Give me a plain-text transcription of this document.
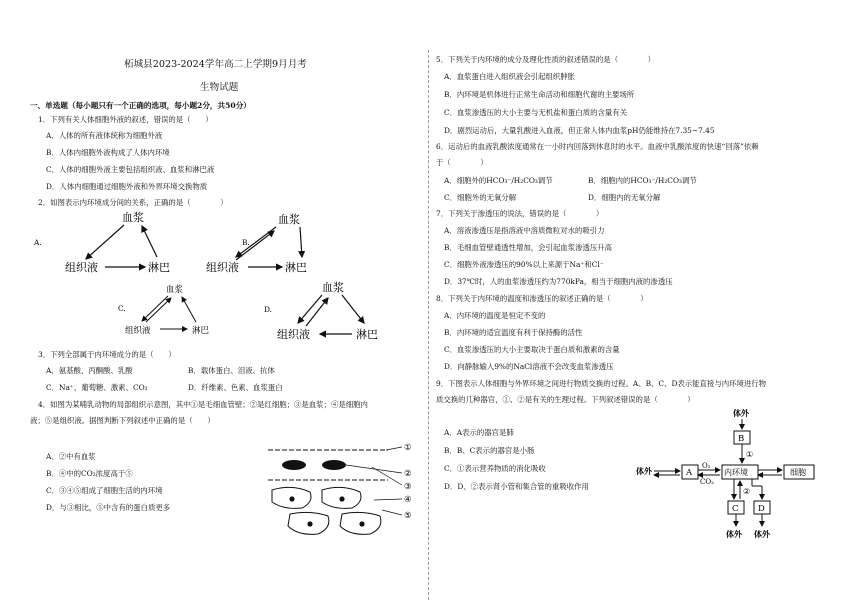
柘城县2023-2024学年高二上学期9月月考
生物试题
一、单选题（每小题只有一个正确的选项，每小题2分，共50分）
1．下列有关人体细胞外液的叙述，错误的是（　　）
A．人体的所有液体统称为细胞外液
B．人体内细胞外液构成了人体内环境
C．人体的细胞外液主要包括组织液、血浆和淋巴液
D．人体内细胞通过细胞外液和外界环境交换物质
2．如图表示内环境成分间的关系，正确的是（　　　　）
A.
血浆
组织液	淋巴
B.
血浆
组织液	淋巴
C.
血浆
组织液	淋巴
D.
血浆
组织液	淋巴
3．下列全部属于内环境成分的是（　　）
A．氨基酸、丙酮酸、乳酸	B．载体蛋白、泪液、抗体
C．Na⁺、葡萄糖、激素、CO₂	D．纤维素、色素、血浆蛋白
4．如图为某哺乳动物的局部组织示意图，其中①是毛细血管壁；②是红细胞；③是血浆；④是细胞内
液；⑤是组织液。据图判断下列叙述中正确的是（　　）
A．②中有血浆
B．④中的CO₂浓度高于⑤
C．③④⑤组成了细胞生活的内环境
D．与③相比，⑤中含有的蛋白质更多
①
②
③
④
⑤
5．下列关于内环境的成分及理化性质的叙述错误的是（　　　　）
A．血浆蛋白进入组织液会引起组织肿胀
B．内环境是机体进行正常生命活动和细胞代谢的主要场所
C．血浆渗透压的大小主要与无机盐和蛋白质的含量有关
D．剧烈运动后，大量乳酸进入血液，但正常人体内血浆pH仍能维持在7.35~7.45
6．运动后的血液乳酸浓度通常在一小时内回落到休息时的水平。血液中乳酸浓度的快速“回落”依赖
于（　　　　）
A．细胞外的HCO₃⁻/H₂CO₃调节	B．细胞内的HCO₃⁻/H₂CO₃调节
C．细胞外的无氧分解	D．细胞内的无氧分解
7．下列关于渗透压的说法，错误的是（　　　　）
A．溶液渗透压是指溶液中溶质微粒对水的吸引力
B．毛细血管壁通透性增加，会引起血浆渗透压升高
C．细胞外液渗透压的90%以上来源于Na⁺和Cl⁻
D．37℃时，人的血浆渗透压约为770kPa，相当于细胞内液的渗透压
8．下列关于内环境的温度和渗透压的叙述正确的是（　　　　）
A．内环境的温度是恒定不变的
B．内环境的适宜温度有利于保持酶的活性
C．血浆渗透压的大小主要取决于蛋白质和激素的含量
D．向静脉输入9%的NaCl溶液不会改变血浆渗透压
9．下图表示人体细胞与外界环境之间进行物质交换的过程。A、B、C、D表示能直接与内环境进行物
质交换的几种器官，①、②是有关的生理过程。下列叙述错误的是（　　　　）
A．A表示的器官是肺
B．B、C表示的器官是小肠
C．①表示营养物质的消化吸收
D．D、②表示肾小管和集合管的重吸收作用
体外
B
①
体外	A
O₂
CO₂
内环境	细胞
②
C D
体外 体外
